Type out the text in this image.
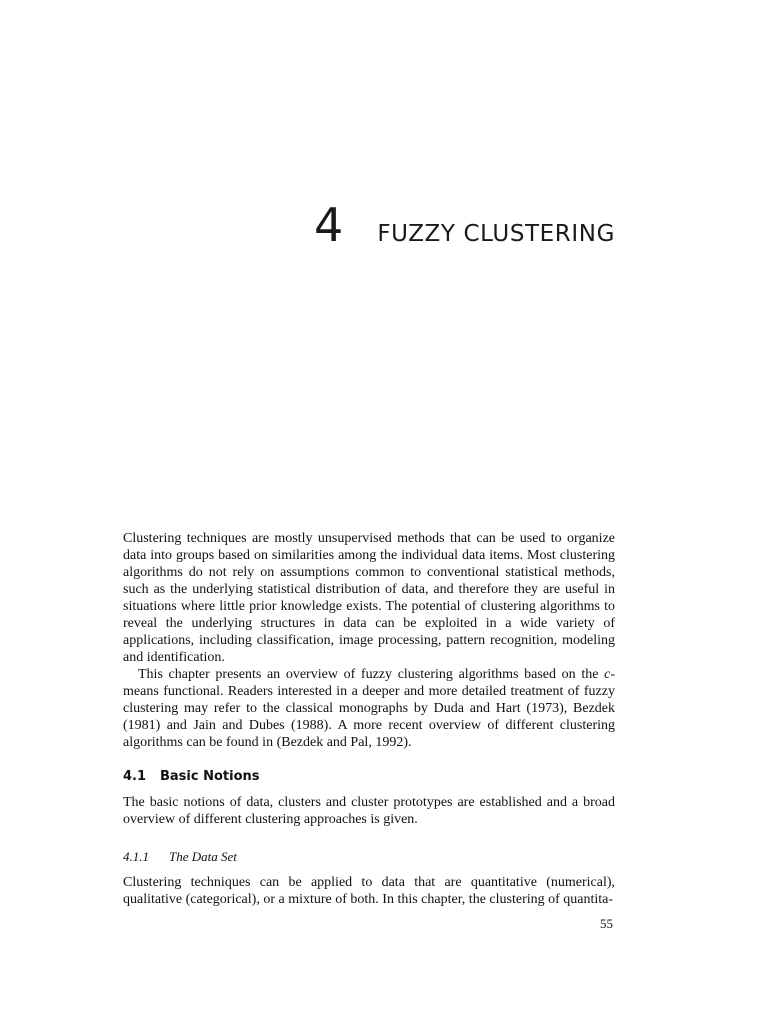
4 FUZZY CLUSTERING

Clustering techniques are mostly unsupervised methods that can be used to organize data into groups based on similarities among the individual data items. Most clustering algorithms do not rely on assumptions common to conventional statistical methods, such as the underlying statistical distribution of data, and therefore they are useful in situations where little prior knowledge exists. The potential of clustering algorithms to reveal the underlying structures in data can be exploited in a wide variety of applications, including classification, image processing, pattern recognition, modeling and identification.

This chapter presents an overview of fuzzy clustering algorithms based on the c-means functional. Readers interested in a deeper and more detailed treatment of fuzzy clustering may refer to the classical monographs by Duda and Hart (1973), Bezdek (1981) and Jain and Dubes (1988). A more recent overview of different clustering algorithms can be found in (Bezdek and Pal, 1992).

4.1 Basic Notions

The basic notions of data, clusters and cluster prototypes are established and a broad overview of different clustering approaches is given.

4.1.1 The Data Set

Clustering techniques can be applied to data that are quantitative (numerical), qualitative (categorical), or a mixture of both. In this chapter, the clustering of quantita-

55
